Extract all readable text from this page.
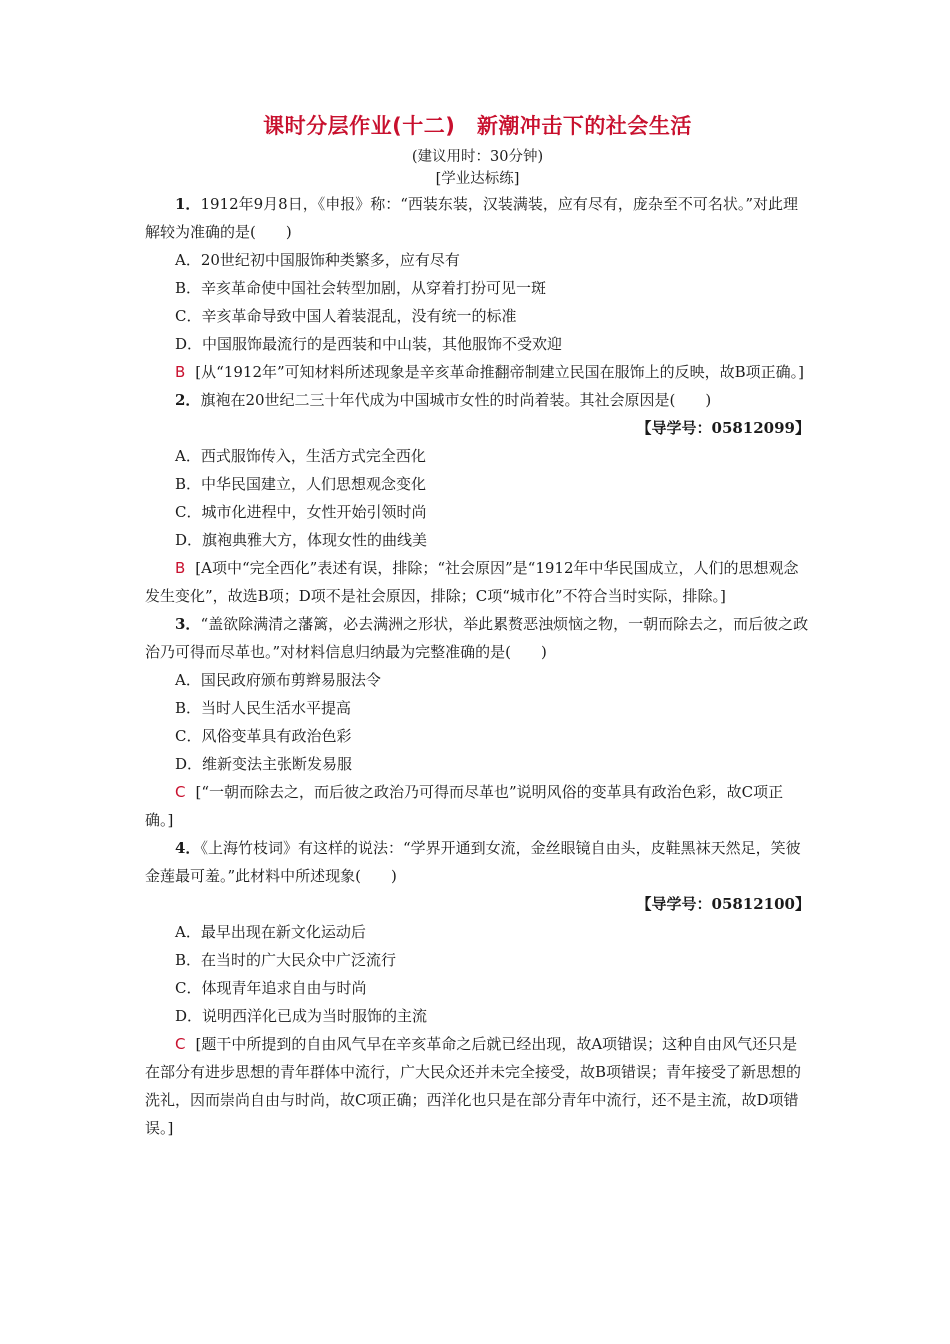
课时分层作业(十二)　新潮冲击下的社会生活
(建议用时：30分钟)
[学业达标练]

1．1912年9月8日，《申报》称：“西装东装，汉装满装，应有尽有，庞杂至不可名状。”对此理解较为准确的是(　　)

A．20世纪初中国服饰种类繁多，应有尽有

B．辛亥革命使中国社会转型加剧，从穿着打扮可见一斑

C．辛亥革命导致中国人着装混乱，没有统一的标准

D．中国服饰最流行的是西装和中山装，其他服饰不受欢迎

B [从“1912年”可知材料所述现象是辛亥革命推翻帝制建立民国在服饰上的反映，故B项正确。]

2．旗袍在20世纪二三十年代成为中国城市女性的时尚着装。其社会原因是(　　)

【导学号：05812099】

A．西式服饰传入，生活方式完全西化

B．中华民国建立，人们思想观念变化

C．城市化进程中，女性开始引领时尚

D．旗袍典雅大方，体现女性的曲线美

B [A项中“完全西化”表述有误，排除；“社会原因”是“1912年中华民国成立，人们的思想观念发生变化”，故选B项；D项不是社会原因，排除；C项“城市化”不符合当时实际，排除。]

3．“盖欲除满清之藩篱，必去满洲之形状，举此累赘恶浊烦恼之物，一朝而除去之，而后彼之政治乃可得而尽革也。”对材料信息归纳最为完整准确的是(　　)

A．国民政府颁布剪辫易服法令

B．当时人民生活水平提高

C．风俗变革具有政治色彩

D．维新变法主张断发易服

C [“一朝而除去之，而后彼之政治乃可得而尽革也”说明风俗的变革具有政治色彩，故C项正确。]

4．《上海竹枝词》有这样的说法：“学界开通到女流，金丝眼镜自由头，皮鞋黑袜天然足，笑彼金莲最可羞。”此材料中所述现象(　　)

【导学号：05812100】

A．最早出现在新文化运动后

B．在当时的广大民众中广泛流行

C．体现青年追求自由与时尚

D．说明西洋化已成为当时服饰的主流

C [题干中所提到的自由风气早在辛亥革命之后就已经出现，故A项错误；这种自由风气还只是在部分有进步思想的青年群体中流行，广大民众还并未完全接受，故B项错误；青年接受了新思想的洗礼，因而崇尚自由与时尚，故C项正确；西洋化也只是在部分青年中流行，还不是主流，故D项错误。]
